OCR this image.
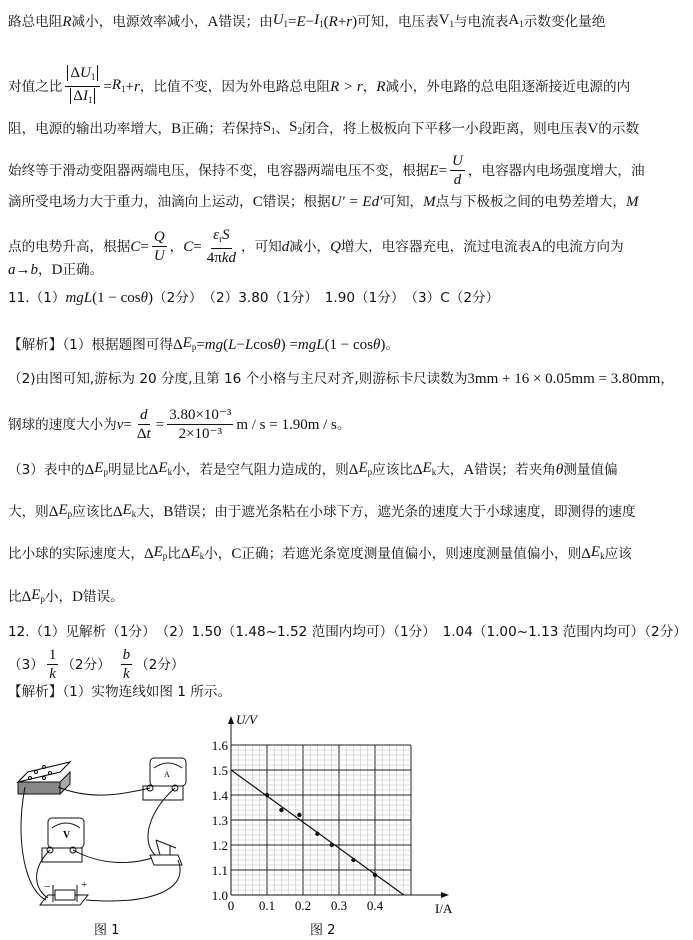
路总电阻 R 减小，电源效率减小， A 错误；由 $U_1 = E - I_1$ ( R + r ) 可知，电压表 $V_1$ 与电流表 $A_1$ 示数变化量绝
对值之比 $\frac{\Delta U_1}{\Delta I_1} = R_1 + r$ ，比值不变，因为外电路总电阻 R > r ， R 减小，外电路的总电阻逐渐接近电源的内
阻，电源的输出功率增大， B 正确；若保持 $S_1$ 、 $S_2$ 闭合，将上极板向下平移一小段距离，则电压表 V 的示数
始终等于滑动变阻器两端电压，保持不变，电容器两端电压不变，根据 $E = \frac{U}{d}$ ，电容器内电场强度增大，油
滴所受电场力大于重力，油滴向上运动， C 错误；根据 U′ = Ed′ 可知， M 点与下极板之间的电势差增大， M
点的电势升高，根据 $C = \frac{Q}{U}$ ， $C = \frac{\varepsilon_rS}{\text{4πkd}}$ ，可知 d 减小， Q 增大，电容器充电，流过电流表 A 的电流方向为
a→b ， D 正确。
11.（1） mgL (1 − cos θ ) （2分）　（2）3.80（1分）　1.90（1分）　（3）C（2分）
【解析】（1）根据题图可得 Δ $E_p$ = mg ( L − L cos θ ) = mgL (1 − cos θ ) 。
（2)由图可知,游标为 20 分度,且第 16 个小格与主尺对齐,则游标卡尺读数为 3mm + 16 × 0.05mm = 3.80mm ，
钢球的速度大小为 $v = \frac{d}{\Delta t} = \frac{\text{3.80×10⁻³}}{\text{2×10⁻³}}$ m / s = 1.90m / s 。
（3）表中的 Δ $E_p$ 明显比 Δ $E_k$ 小，若是空气阻力造成的，则 Δ $E_p$ 应该比 Δ $E_k$ 大， A 错误；若夹角 θ 测量值偏
大，则 Δ $E_p$ 应该比 Δ $E_k$ 大， B 错误；由于遮光条粘在小球下方，遮光条的速度大于小球速度，即测得的速度
比小球的实际速度大， Δ $E_p$ 比 Δ $E_k$ 小， C 正确；若遮光条宽度测量值偏小，则速度测量值偏小，则 Δ $E_k$ 应该
比 Δ $E_p$ 小， D 错误。
12.（1）见解析（1分）　（2）1.50（1.48~1.52 范围内均可）（1分）　1.04（1.00~1.13 范围内均可）（2分）
$(3) \frac{1}{k} (2$分）　 $\frac{b}{k} (2$分）
【解析】（1）实物连线如图 1 所示。
V
A
−	+
图 1
U/V
I/A
1.0
1.1
1.2
1.3
1.4
1.5
1.6
0 0.1 0.2 0.3 0.4
图 2
